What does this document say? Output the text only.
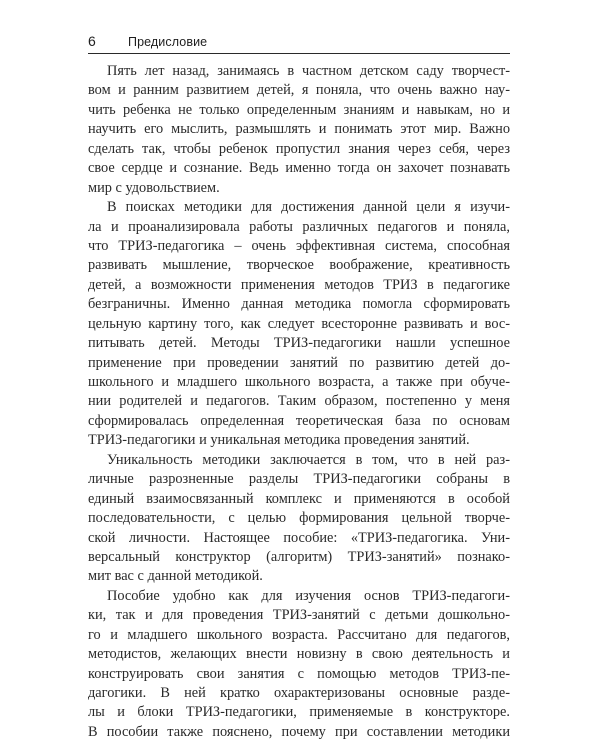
6	Предисловие

Пять лет назад, занимаясь в частном детском саду творчест-
вом и ранним развитием детей, я поняла, что очень важно нау-
чить ребенка не только определенным знаниям и навыкам, но и
научить его мыслить, размышлять и понимать этот мир. Важно
сделать так, чтобы ребенок пропустил знания через себя, через
свое сердце и сознание. Ведь именно тогда он захочет познавать
мир с удовольствием.

В поисках методики для достижения данной цели я изучи-
ла и проанализировала работы различных педагогов и поняла,
что ТРИЗ-педагогика – очень эффективная система, способная
развивать мышление, творческое воображение, креативность
детей, а возможности применения методов ТРИЗ в педагогике
безграничны. Именно данная методика помогла сформировать
цельную картину того, как следует всесторонне развивать и вос-
питывать детей. Методы ТРИЗ-педагогики нашли успешное
применение при проведении занятий по развитию детей до-
школьного и младшего школьного возраста, а также при обуче-
нии родителей и педагогов. Таким образом, постепенно у меня
сформировалась определенная теоретическая база по основам
ТРИЗ-педагогики и уникальная методика проведения занятий.

Уникальность методики заключается в том, что в ней раз-
личные разрозненные разделы ТРИЗ-педагогики собраны в
единый взаимосвязанный комплекс и применяются в особой
последовательности, с целью формирования цельной творче-
ской личности. Настоящее пособие: «ТРИЗ-педагогика. Уни-
версальный конструктор (алгоритм) ТРИЗ-занятий» познако-
мит вас с данной методикой.

Пособие удобно как для изучения основ ТРИЗ-педагоги-
ки, так и для проведения ТРИЗ-занятий с детьми дошкольно-
го и младшего школьного возраста. Рассчитано для педагогов,
методистов, желающих внести новизну в свою деятельность и
конструировать свои занятия с помощью методов ТРИЗ-пе-
дагогики. В ней кратко охарактеризованы основные разде-
лы и блоки ТРИЗ-педагогики, применяемые в конструкторе.
В пособии также пояснено, почему при составлении методики
